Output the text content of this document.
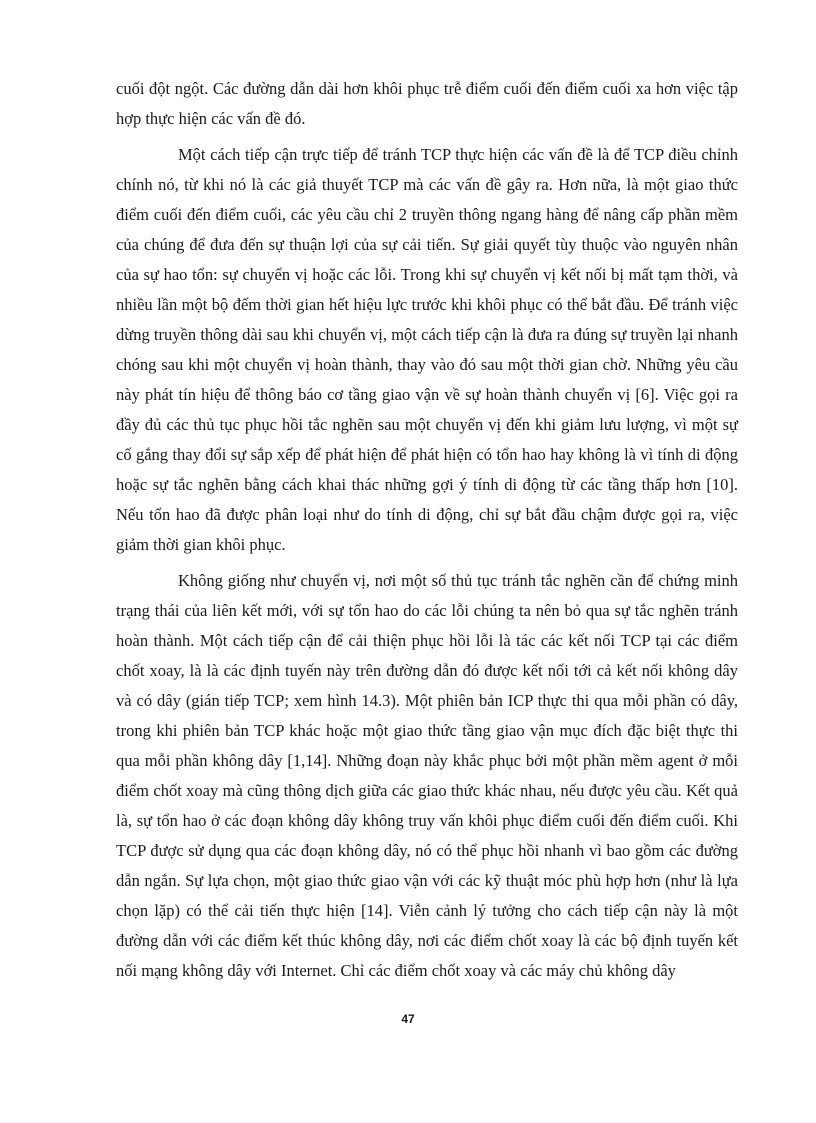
cuối đột ngột. Các đường dẫn dài hơn khôi phục trễ điểm cuối đến điểm cuối xa hơn việc tập hợp thực hiện các vấn đề đó.

Một cách tiếp cận trực tiếp để tránh TCP thực hiện các vấn đề là để TCP điều chỉnh chính nó, từ khi nó là các giả thuyết TCP mà các vấn đề gây ra. Hơn nữa, là một giao thức điểm cuối đến điểm cuối, các yêu cầu chỉ 2 truyền thông ngang hàng để nâng cấp phần mềm của chúng để đưa đến sự thuận lợi của sự cải tiến. Sự giải quyết tùy thuộc vào nguyên nhân của sự hao tổn: sự chuyển vị hoặc các lỗi. Trong khi sự chuyển vị kết nối bị mất tạm thời, và nhiều lần một bộ đếm thời gian hết hiệu lực trước khi khôi phục có thể bắt đầu. Để tránh việc dừng truyền thông dài sau khi chuyển vị, một cách tiếp cận là đưa ra đúng sự truyền lại nhanh chóng sau khi một chuyển vị hoàn thành, thay vào đó sau một thời gian chờ. Những yêu cầu này phát tín hiệu để thông báo cơ tầng giao vận về sự hoàn thành chuyển vị [6]. Việc gọi ra đầy đủ các thủ tục phục hồi tắc nghẽn sau một chuyển vị đến khi giảm lưu lượng, vì một sự cố gắng thay đổi sự sắp xếp để phát hiện để phát hiện có tổn hao hay không là vì tính di động hoặc sự tắc nghẽn bằng cách khai thác những gợi ý tính di động từ các tầng thấp hơn [10]. Nếu tổn hao đã được phân loại như do tính di động, chỉ sự bắt đầu chậm được gọi ra, việc giảm thời gian khôi phục.

Không giống như chuyển vị, nơi một số thủ tục tránh tắc nghẽn cần để chứng minh trạng thái của liên kết mới, với sự tổn hao do các lỗi chúng ta nên bỏ qua sự tắc nghẽn tránh hoàn thành. Một cách tiếp cận để cải thiện phục hồi lỗi là tác các kết nối TCP tại các điểm chốt xoay, là là các định tuyến này trên đường dẫn đó được kết nối tới cả kết nối không dây và có dây (gián tiếp TCP; xem hình 14.3). Một phiên bản ICP thực thi qua mỗi phần có dây, trong khi phiên bản TCP khác hoặc một giao thức tầng giao vận mục đích đặc biệt thực thi qua mỗi phần không dây [1,14]. Những đoạn này khắc phục bởi một phần mềm agent ở mỗi điểm chốt xoay mà cũng thông dịch giữa các giao thức khác nhau, nếu được yêu cầu. Kết quả là, sự tổn hao ở các đoạn không dây không truy vấn khôi phục điểm cuối đến điểm cuối. Khi TCP được sử dụng qua các đoạn không dây, nó có thể phục hồi nhanh vì bao gồm các đường dẫn ngắn. Sự lựa chọn, một giao thức giao vận với các kỹ thuật móc phù hợp hơn (như là lựa chọn lặp) có thể cải tiến thực hiện [14]. Viễn cảnh lý tưởng cho cách tiếp cận này là một đường dẫn với các điểm kết thúc không dây, nơi các điểm chốt xoay là các bộ định tuyến kết nối mạng không dây với Internet. Chỉ các điểm chốt xoay và các máy chủ không dây

47
